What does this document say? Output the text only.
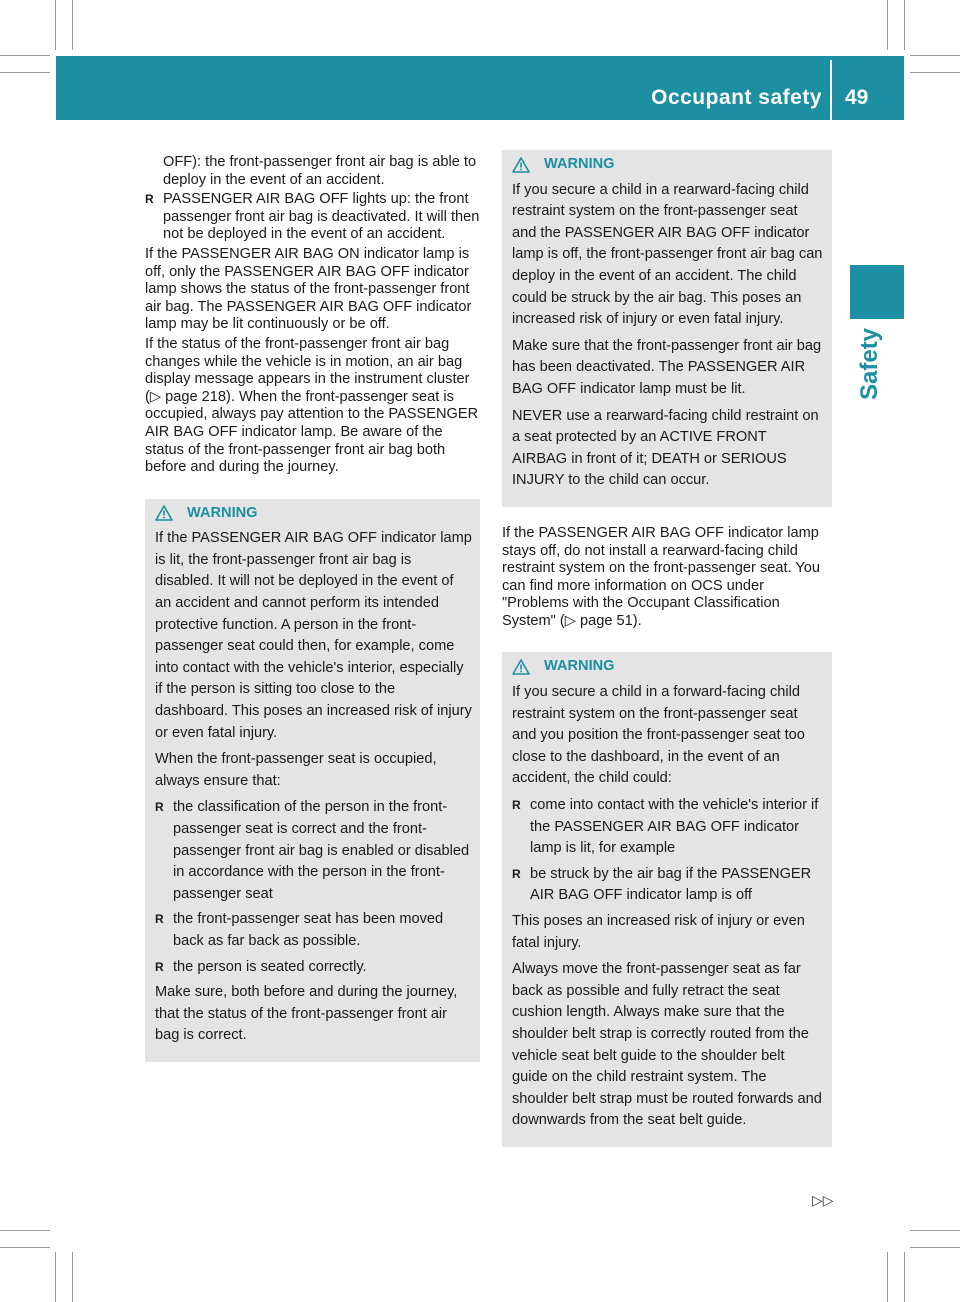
Occupant safety 49
Safety
OFF): the front-passenger front air bag is able to deploy in the event of an accident.
R PASSENGER AIR BAG OFF lights up: the front passenger front air bag is deactivated. It will then not be deployed in the event of an accident.
If the PASSENGER AIR BAG ON indicator lamp is off, only the PASSENGER AIR BAG OFF indicator lamp shows the status of the front-passenger front air bag. The PASSENGER AIR BAG OFF indicator lamp may be lit continuously or be off.
If the status of the front-passenger front air bag changes while the vehicle is in motion, an air bag display message appears in the instrument cluster (▷ page 218). When the front-passenger seat is occupied, always pay attention to the PASSENGER AIR BAG OFF indicator lamp. Be aware of the status of the front-passenger front air bag both before and during the journey.
WARNING
If the PASSENGER AIR BAG OFF indicator lamp is lit, the front-passenger front air bag is disabled. It will not be deployed in the event of an accident and cannot perform its intended protective function. A person in the front-passenger seat could then, for example, come into contact with the vehicle's interior, especially if the person is sitting too close to the dashboard. This poses an increased risk of injury or even fatal injury.
When the front-passenger seat is occupied, always ensure that:
R the classification of the person in the front-passenger seat is correct and the front-passenger front air bag is enabled or disabled in accordance with the person in the front-passenger seat
R the front-passenger seat has been moved back as far back as possible.
R the person is seated correctly.
Make sure, both before and during the journey, that the status of the front-passenger front air bag is correct.
WARNING
If you secure a child in a rearward-facing child restraint system on the front-passenger seat and the PASSENGER AIR BAG OFF indicator lamp is off, the front-passenger front air bag can deploy in the event of an accident. The child could be struck by the air bag. This poses an increased risk of injury or even fatal injury.
Make sure that the front-passenger front air bag has been deactivated. The PASSENGER AIR BAG OFF indicator lamp must be lit.
NEVER use a rearward-facing child restraint on a seat protected by an ACTIVE FRONT AIRBAG in front of it; DEATH or SERIOUS INJURY to the child can occur.
If the PASSENGER AIR BAG OFF indicator lamp stays off, do not install a rearward-facing child restraint system on the front-passenger seat. You can find more information on OCS under "Problems with the Occupant Classification System" (▷ page 51).
WARNING
If you secure a child in a forward-facing child restraint system on the front-passenger seat and you position the front-passenger seat too close to the dashboard, in the event of an accident, the child could:
R come into contact with the vehicle's interior if the PASSENGER AIR BAG OFF indicator lamp is lit, for example
R be struck by the air bag if the PASSENGER AIR BAG OFF indicator lamp is off
This poses an increased risk of injury or even fatal injury.
Always move the front-passenger seat as far back as possible and fully retract the seat cushion length. Always make sure that the shoulder belt strap is correctly routed from the vehicle seat belt guide to the shoulder belt guide on the child restraint system. The shoulder belt strap must be routed forwards and downwards from the seat belt guide.
▷▷
